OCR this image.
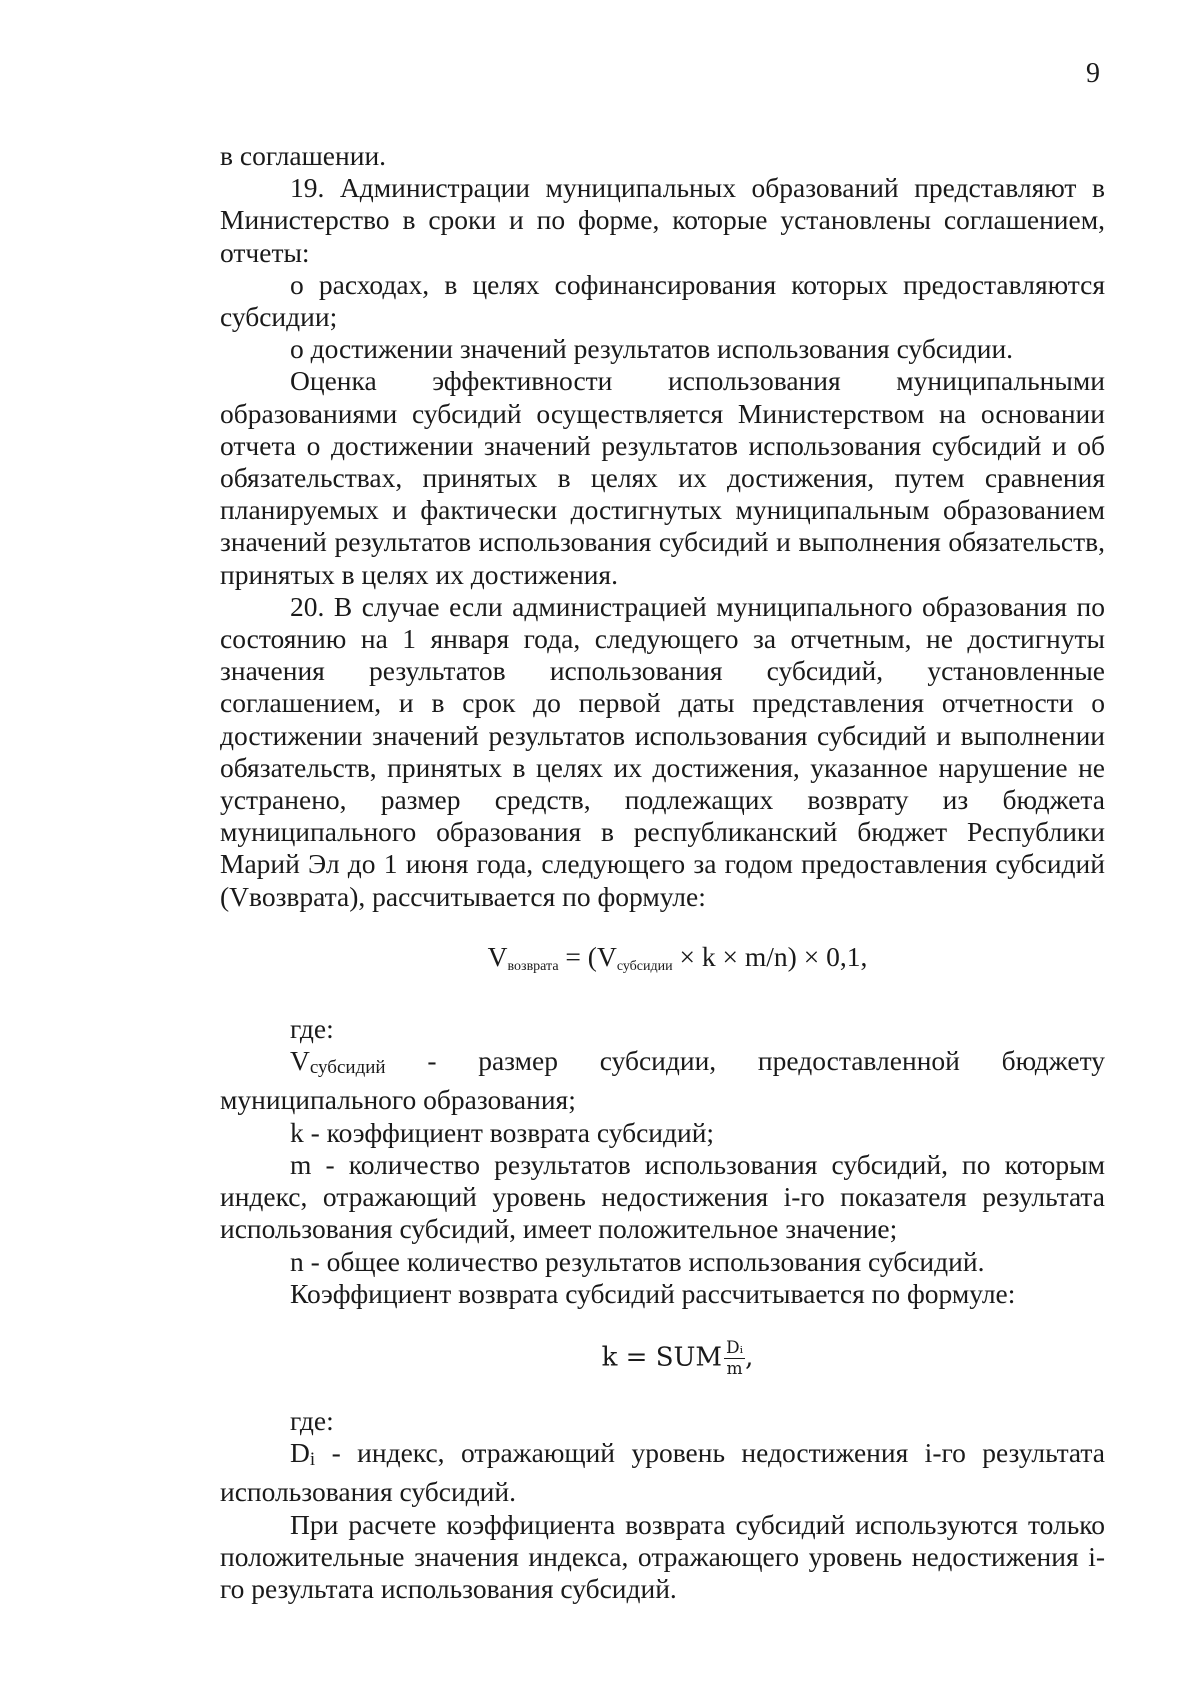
9

в соглашении.

19. Администрации муниципальных образований представляют в Министерство в сроки и по форме, которые установлены соглашением, отчеты:

о расходах, в целях софинансирования которых предоставляются субсидии;

о достижении значений результатов использования субсидии.

Оценка эффективности использования муниципальными образованиями субсидий осуществляется Министерством на основании отчета о достижении значений результатов использования субсидий и об обязательствах, принятых в целях их достижения, путем сравнения планируемых и фактически достигнутых муниципальным образованием значений результатов использования субсидий и выполнения обязательств, принятых в целях их достижения.

20. В случае если администрацией муниципального образования по состоянию на 1 января года, следующего за отчетным, не достигнуты значения результатов использования субсидий, установленные соглашением, и в срок до первой даты представления отчетности о достижении значений результатов использования субсидий и выполнении обязательств, принятых в целях их достижения, указанное нарушение не устранено, размер средств, подлежащих возврату из бюджета муниципального образования в республиканский бюджет Республики Марий Эл до 1 июня года, следующего за годом предоставления субсидий (Vвозврата), рассчитывается по формуле:

$V_{возврата} = (V_{субсидии} \times k \times m/n) \times 0,1$,

где:

Vсубсидий - размер субсидии, предоставленной бюджету муниципального образования;

k - коэффициент возврата субсидий;

m - количество результатов использования субсидий, по которым индекс, отражающий уровень недостижения i-го показателя результата использования субсидий, имеет положительное значение;

n - общее количество результатов использования субсидий.

Коэффициент возврата субсидий рассчитывается по формуле:

k = SUM $\frac{\text{Dᵢ}}{m}$ ,

где:

Di - индекс, отражающий уровень недостижения i-го результата использования субсидий.

При расчете коэффициента возврата субсидий используются только положительные значения индекса, отражающего уровень недостижения i-го результата использования субсидий.
